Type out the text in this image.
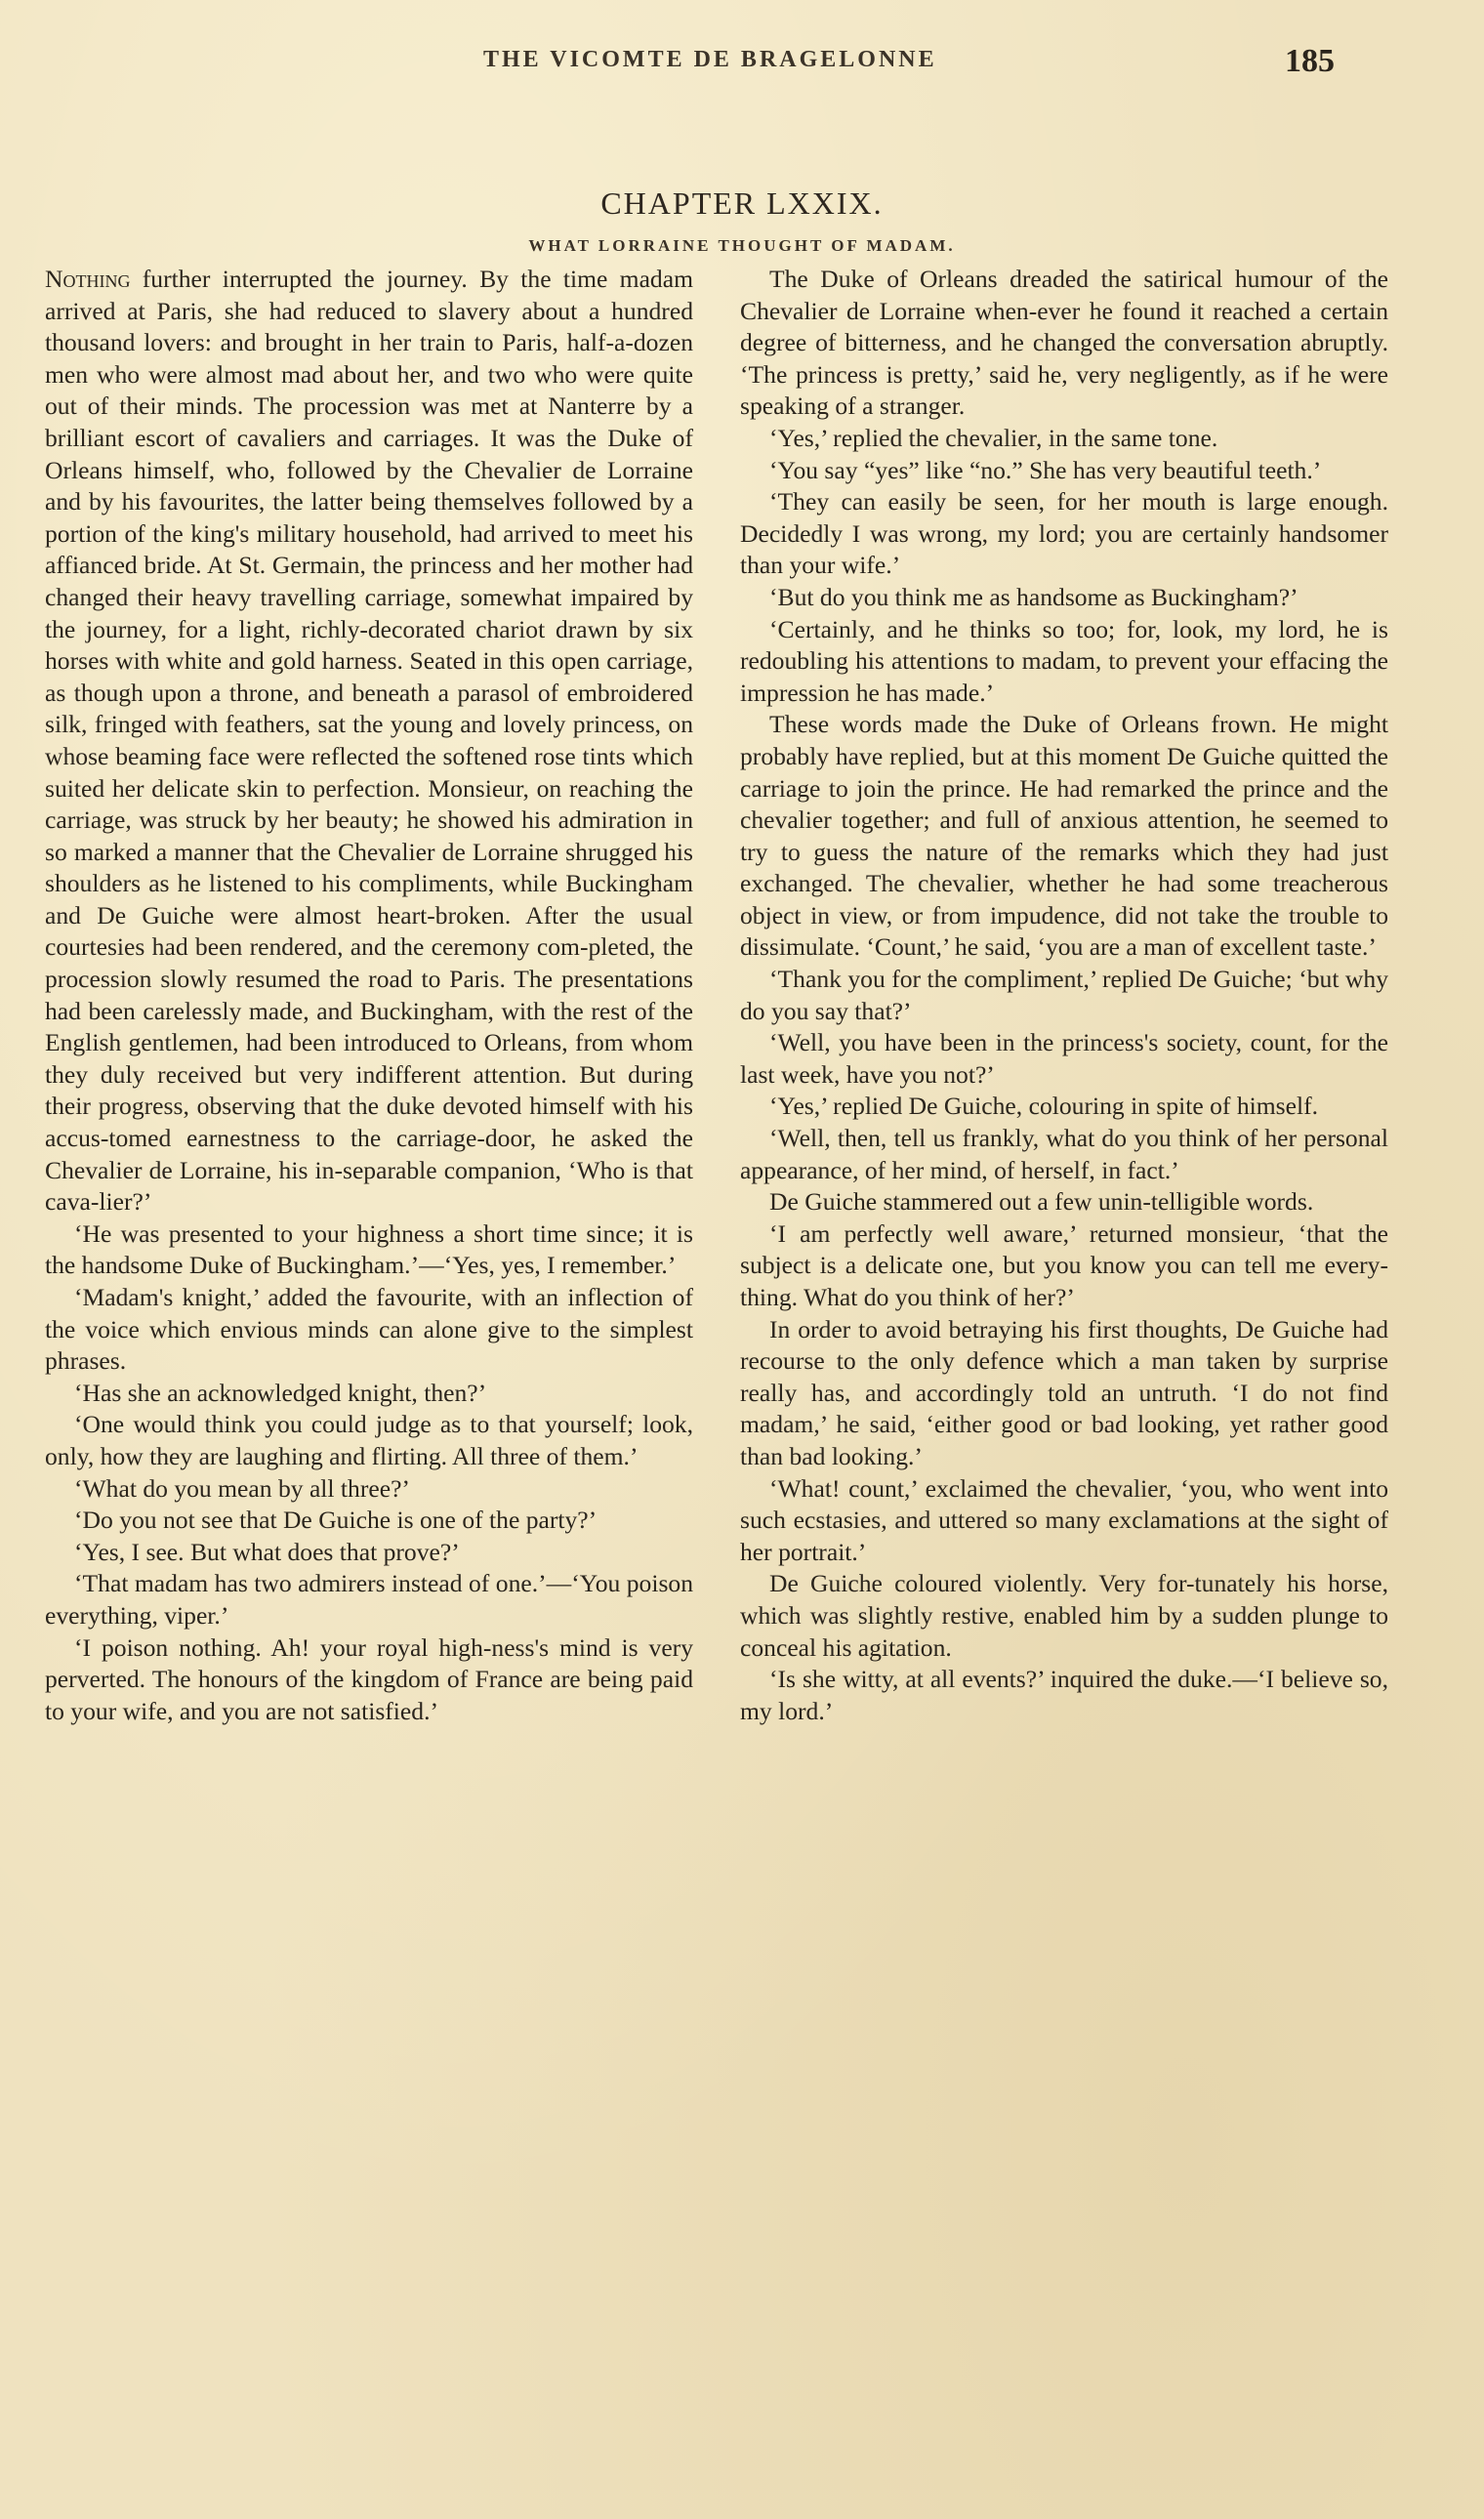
THE VICOMTE DE BRAGELONNE	185
CHAPTER LXXIX.
WHAT LORRAINE THOUGHT OF MADAM.

Nothing further interrupted the journey. By the time madam arrived at Paris, she had reduced to slavery about a hundred thousand lovers: and brought in her train to Paris, half-a-dozen men who were almost mad about her, and two who were quite out of their minds. The procession was met at Nanterre by a brilliant escort of cavaliers and carriages. It was the Duke of Orleans himself, who, followed by the Chevalier de Lorraine and by his favourites, the latter being themselves followed by a portion of the king's military household, had arrived to meet his affianced bride. At St. Germain, the princess and her mother had changed their heavy travelling carriage, somewhat impaired by the journey, for a light, richly-decorated chariot drawn by six horses with white and gold harness. Seated in this open carriage, as though upon a throne, and beneath a parasol of embroidered silk, fringed with feathers, sat the young and lovely princess, on whose beaming face were reflected the softened rose tints which suited her delicate skin to perfection. Monsieur, on reaching the carriage, was struck by her beauty; he showed his admiration in so marked a manner that the Chevalier de Lorraine shrugged his shoulders as he listened to his compliments, while Buckingham and De Guiche were almost heart-broken. After the usual courtesies had been rendered, and the ceremony com-pleted, the procession slowly resumed the road to Paris. The presentations had been carelessly made, and Buckingham, with the rest of the English gentlemen, had been introduced to Orleans, from whom they duly received but very indifferent attention. But during their progress, observing that the duke devoted himself with his accus-tomed earnestness to the carriage-door, he asked the Chevalier de Lorraine, his in-separable companion, ‘Who is that cava-lier?’

‘He was presented to your highness a short time since; it is the handsome Duke of Buckingham.’—‘Yes, yes, I remember.’

‘Madam's knight,’ added the favourite, with an inflection of the voice which envious minds can alone give to the simplest phrases.

‘Has she an acknowledged knight, then?’

‘One would think you could judge as to that yourself; look, only, how they are laughing and flirting. All three of them.’

‘What do you mean by all three?’

‘Do you not see that De Guiche is one of the party?’

‘Yes, I see. But what does that prove?’

‘That madam has two admirers instead of one.’—‘You poison everything, viper.’

‘I poison nothing. Ah! your royal high-ness's mind is very perverted. The honours of the kingdom of France are being paid to your wife, and you are not satisfied.’

The Duke of Orleans dreaded the satirical humour of the Chevalier de Lorraine when-ever he found it reached a certain degree of bitterness, and he changed the conversation abruptly. ‘The princess is pretty,’ said he, very negligently, as if he were speaking of a stranger.

‘Yes,’ replied the chevalier, in the same tone.

‘You say “yes” like “no.” She has very beautiful teeth.’

‘They can easily be seen, for her mouth is large enough. Decidedly I was wrong, my lord; you are certainly handsomer than your wife.’

‘But do you think me as handsome as Buckingham?’

‘Certainly, and he thinks so too; for, look, my lord, he is redoubling his attentions to madam, to prevent your effacing the impression he has made.’

These words made the Duke of Orleans frown. He might probably have replied, but at this moment De Guiche quitted the carriage to join the prince. He had remarked the prince and the chevalier together; and full of anxious attention, he seemed to try to guess the nature of the remarks which they had just exchanged. The chevalier, whether he had some treacherous object in view, or from impudence, did not take the trouble to dissimulate. ‘Count,’ he said, ‘you are a man of excellent taste.’

‘Thank you for the compliment,’ replied De Guiche; ‘but why do you say that?’

‘Well, you have been in the princess's society, count, for the last week, have you not?’

‘Yes,’ replied De Guiche, colouring in spite of himself.

‘Well, then, tell us frankly, what do you think of her personal appearance, of her mind, of herself, in fact.’

De Guiche stammered out a few unin-telligible words.

‘I am perfectly well aware,’ returned monsieur, ‘that the subject is a delicate one, but you know you can tell me every-thing. What do you think of her?’

In order to avoid betraying his first thoughts, De Guiche had recourse to the only defence which a man taken by surprise really has, and accordingly told an untruth. ‘I do not find madam,’ he said, ‘either good or bad looking, yet rather good than bad looking.’

‘What! count,’ exclaimed the chevalier, ‘you, who went into such ecstasies, and uttered so many exclamations at the sight of her portrait.’

De Guiche coloured violently. Very for-tunately his horse, which was slightly restive, enabled him by a sudden plunge to conceal his agitation.

‘Is she witty, at all events?’ inquired the duke.—‘I believe so, my lord.’
